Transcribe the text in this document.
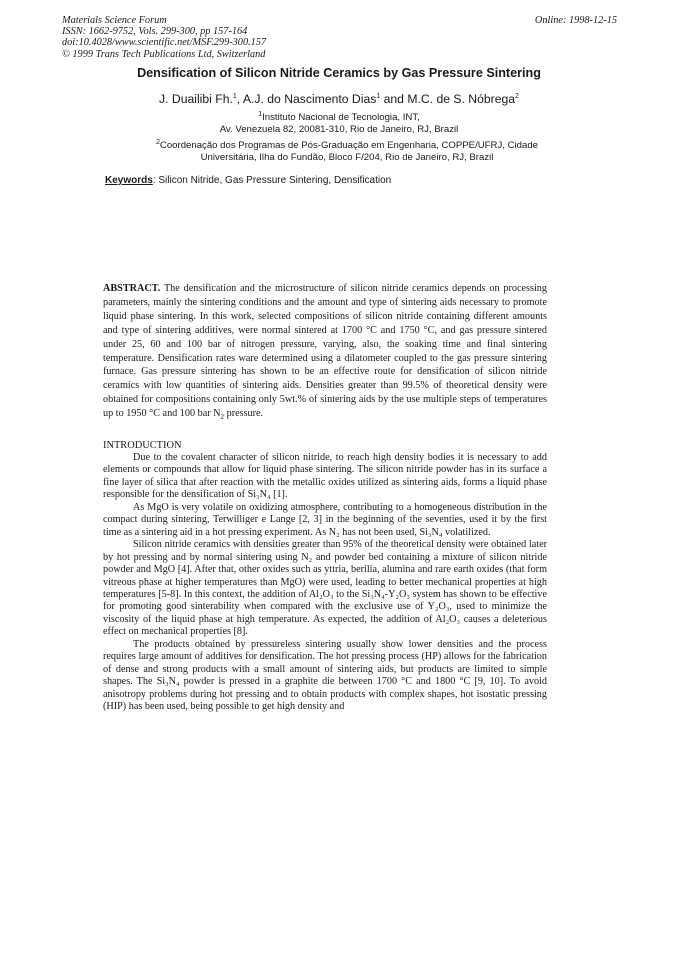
Materials Science Forum
ISSN: 1662-9752, Vols. 299-300, pp 157-164
doi:10.4028/www.scientific.net/MSF.299-300.157
© 1999 Trans Tech Publications Ltd, Switzerland
Online: 1998-12-15
Densification of Silicon Nitride Ceramics by Gas Pressure Sintering
J. Duailibi Fh.$^1$, A.J. do Nascimento Dias$^1$ and M.C. de S. Nóbrega$^2$
$^1$Instituto Nacional de Tecnologia, INT,
Av. Venezuela 82, 20081-310, Rio de Janeiro, RJ, Brazil
$^2$Coordenação dos Programas de Pós-Graduação em Engenharia, COPPE/UFRJ, Cidade
Universitária, Ilha do Fundão, Bloco F/204, Rio de Janeiro, RJ, Brazil
Keywords: Silicon Nitride, Gas Pressure Sintering, Densification
ABSTRACT. The densification and the microstructure of silicon nitride ceramics depends on processing parameters, mainly the sintering conditions and the amount and type of sintering aids necessary to promote liquid phase sintering. In this work, selected compositions of silicon nitride containing different amounts and type of sintering additives, were normal sintered at 1700 °C and 1750 °C, and gas pressure sintered under 25, 60 and 100 bar of nitrogen pressure, varying, also, the soaking time and final sintering temperature. Densification rates ware determined using a dilatometer coupled to the gas pressure sintering furnace. Gas pressure sintering has shown to be an effective route for densification of silicon nitride ceramics with low quantities of sintering aids. Densities greater than 99.5% of theoretical density were obtained for compositions containing only 5wt.% of sintering aids by the use multiple steps of temperatures up to 1950 °C and 100 bar $N_2$ pressure.
INTRODUCTION

Due to the covalent character of silicon nitride, to reach high density bodies it is necessary to add elements or compounds that allow for liquid phase sintering. The silicon nitride powder has in its surface a fine layer of silica that after reaction with the metallic oxides utilized as sintering aids, forms a liquid phase responsible for the densification of Si₃N₄ [1].

As MgO is very volatile on oxidizing atmosphere, contributing to a homogeneous distribution in the compact during sintering, Terwilliger e Lange [2, 3] in the beginning of the seventies, used it by the first time as a sintering aid in a hot pressing experiment. As N₂ has not been used, Si₃N₄ volatilized.

Silicon nitride ceramics with densities greater than 95% of the theoretical density were obtained later by hot pressing and by normal sintering using N₂ and powder bed containing a mixture of silicon nitride powder and MgO [4]. After that, other oxides such as yttria, berilia, alumina and rare earth oxides (that form vitreous phase at higher temperatures than MgO) were used, leading to better mechanical properties at high temperatures [5-8]. In this context, the addition of Al₂O₃ to the Si₃N₄-Y₂O₃ system has shown to be effective for promoting good sinterability when compared with the exclusive use of Y₂O₃, used to minimize the viscosity of the liquid phase at high temperature. As expected, the addition of Al₂O₃ causes a deleterious effect on mechanical properties [8].

The products obtained by pressureless sintering usually show lower densities and the process requires large amount of additives for densification. The hot pressing process (HP) allows for the fabrication of dense and strong products with a small amount of sintering aids, but products are limited to simple shapes. The Si₃N₄ powder is pressed in a graphite die between 1700 °C and 1800 °C [9, 10]. To avoid anisotropy problems during hot pressing and to obtain products with complex shapes, hot isostatic pressing (HIP) has been used, being possible to get high density and
